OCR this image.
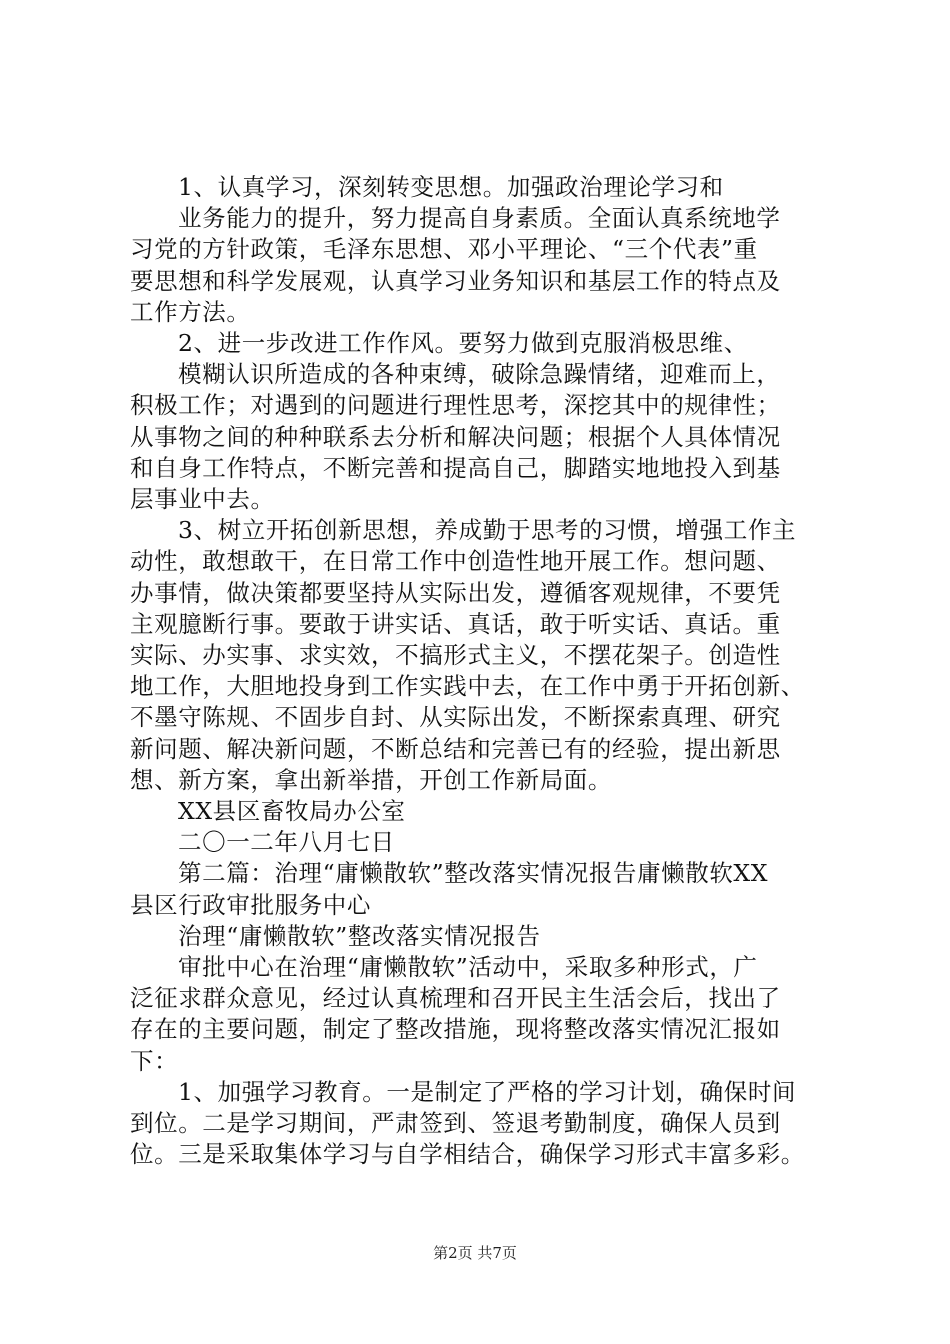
1、认真学习，深刻转变思想。加强政治理论学习和
业务能力的提升，努力提高自身素质。全面认真系统地学
习党的方针政策，毛泽东思想、邓小平理论、“三个代表”重
要思想和科学发展观，认真学习业务知识和基层工作的特点及
工作方法。
2、进一步改进工作作风。要努力做到克服消极思维、
模糊认识所造成的各种束缚，破除急躁情绪，迎难而上，
积极工作；对遇到的问题进行理性思考，深挖其中的规律性；
从事物之间的种种联系去分析和解决问题；根据个人具体情况
和自身工作特点，不断完善和提高自己，脚踏实地地投入到基
层事业中去。
3、树立开拓创新思想，养成勤于思考的习惯，增强工作主
动性，敢想敢干，在日常工作中创造性地开展工作。想问题、
办事情，做决策都要坚持从实际出发，遵循客观规律，不要凭
主观臆断行事。要敢于讲实话、真话，敢于听实话、真话。重
实际、办实事、求实效，不搞形式主义，不摆花架子。创造性
地工作，大胆地投身到工作实践中去，在工作中勇于开拓创新、
不墨守陈规、不固步自封、从实际出发，不断探索真理、研究
新问题、解决新问题，不断总结和完善已有的经验，提出新思
想、新方案，拿出新举措，开创工作新局面。
XX县区畜牧局办公室
二〇一二年八月七日
第二篇：治理“庸懒散软”整改落实情况报告庸懒散软XX
县区行政审批服务中心
治理“庸懒散软”整改落实情况报告
审批中心在治理“庸懒散软”活动中，采取多种形式，广
泛征求群众意见，经过认真梳理和召开民主生活会后，找出了
存在的主要问题，制定了整改措施，现将整改落实情况汇报如
下：
1、加强学习教育。一是制定了严格的学习计划，确保时间
到位。二是学习期间，严肃签到、签退考勤制度，确保人员到
位。三是采取集体学习与自学相结合，确保学习形式丰富多彩。
第2页 共7页
